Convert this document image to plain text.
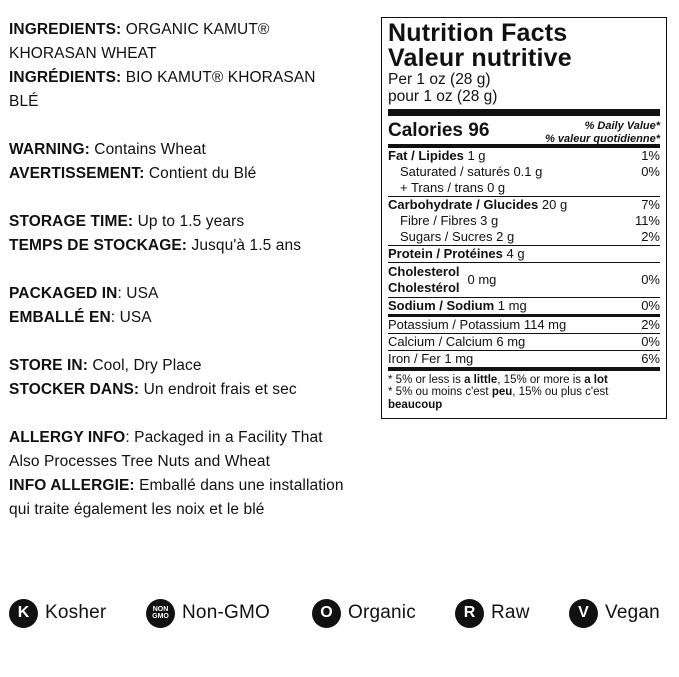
INGREDIENTS: ORGANIC KAMUT®
KHORASAN WHEAT
INGRÉDIENTS: BIO KAMUT® KHORASAN
BLÉ
WARNING: Contains Wheat
AVERTISSEMENT: Contient du Blé
STORAGE TIME: Up to 1.5 years
TEMPS DE STOCKAGE: Jusqu'à 1.5 ans
PACKAGED IN: USA
EMBALLÉ EN: USA
STORE IN: Cool, Dry Place
STOCKER DANS: Un endroit frais et sec
ALLERGY INFO: Packaged in a Facility That
Also Processes Tree Nuts and Wheat
INFO ALLERGIE: Emballé dans une installation
qui traite également les noix et le blé
Nutrition Facts
Valeur nutritive
Per 1 oz (28 g)
pour 1 oz (28 g)
Calories 96	% Daily Value*
% valeur quotidienne*
Fat / Lipides 1 g	1%
Saturated / saturés 0.1 g	0%
+ Trans / trans 0 g
Carbohydrate / Glucides 20 g	7%
Fibre / Fibres 3 g	11%
Sugars / Sucres 2 g	2%
Protein / Protéines 4 g
Cholesterol
Cholestérol
0 mg	0%
Sodium / Sodium 1 mg	0%
Potassium / Potassium 114 mg	2%
Calcium / Calcium 6 mg	0%
Iron / Fer 1 mg	6%
* 5% or less is a little, 15% or more is a lot
* 5% ou moins c'est peu, 15% ou plus c'est beaucoup
K Kosher	NON
GMO Non-GMO	O Organic	R Raw	V Vegan
